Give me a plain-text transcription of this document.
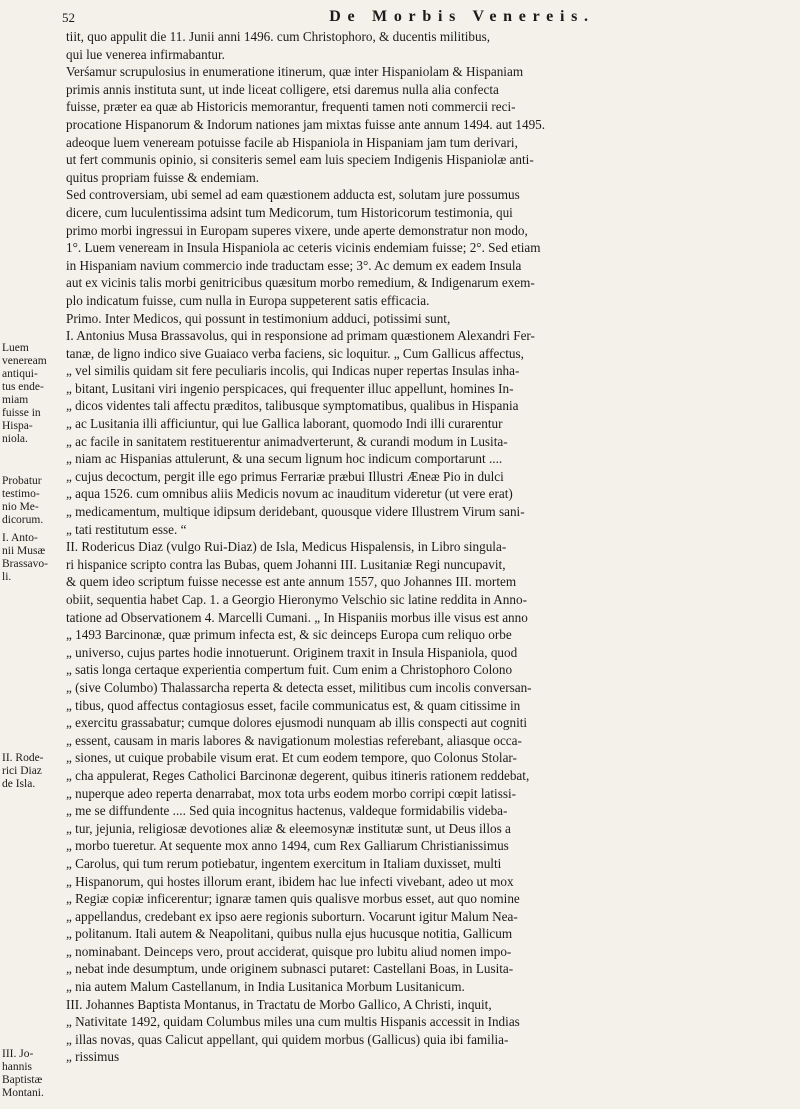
52	De Morbis Venereis.
Luem
veneream
antiqui-
tus ende-
miam
fuisse in
Hispa-
niola.
Probatur
testimo-
nio Me-
dicorum.
I. Anto-
nii Musæ
Brassavo-
li.
II. Rode-
rici Diaz
de Isla.
III. Jo-
hannis
Baptistæ
Montani.
tiit, quo appulit die 11. Junii anni 1496. cum Christophoro, & ducentis militibus,
qui lue venerea infirmabantur.
Verśamur scrupulosius in enumeratione itinerum, quæ inter Hispaniolam & Hispaniam
primis annis instituta sunt, ut inde liceat colligere, etsi daremus nulla alia confecta
fuisse, præter ea quæ ab Historicis memorantur, frequenti tamen noti commercii reci-
procatione Hispanorum & Indorum nationes jam mixtas fuisse ante annum 1494. aut 1495.
adeoque luem veneream potuisse facile ab Hispaniola in Hispaniam jam tum derivari,
ut fert communis opinio, si consiteris semel eam luis speciem Indigenis Hispaniolæ anti-
quitus propriam fuisse & endemiam.
Sed controversiam, ubi semel ad eam quæstionem adducta est, solutam jure possumus
dicere, cum luculentissima adsint tum Medicorum, tum Historicorum testimonia, qui
primo morbi ingressui in Europam superes vixere, unde aperte demonstratur non modo,
1°. Luem veneream in Insula Hispaniola ac ceteris vicinis endemiam fuisse; 2°. Sed etiam
in Hispaniam navium commercio inde traductam esse; 3°. Ac demum ex eadem Insula
aut ex vicinis talis morbi genitricibus quæsitum morbo remedium, & Indigenarum exem-
plo indicatum fuisse, cum nulla in Europa suppeterent satis efficacia.
Primo. Inter Medicos, qui possunt in testimonium adduci, potissimi sunt,
I. Antonius Musa Brassavolus, qui in responsione ad primam quæstionem Alexandri Fer-
tanæ, de ligno indico sive Guaiaco verba faciens, sic loquitur. „ Cum Gallicus affectus,
„ vel similis quidam sit fere peculiaris incolis, qui Indicas nuper repertas Insulas inha-
„ bitant, Lusitani viri ingenio perspicaces, qui frequenter illuc appellunt, homines In-
„ dicos videntes tali affectu præditos, talibusque symptomatibus, qualibus in Hispania
„ ac Lusitania illi afficiuntur, qui lue Gallica laborant, quomodo Indi illi curarentur
„ ac facile in sanitatem restituerentur animadverterunt, & curandi modum in Lusita-
„ niam ac Hispanias attulerunt, & una secum lignum hoc indicum comportarunt ....
„ cujus decoctum, pergit ille ego primus Ferrariæ præbui Illustri Æneæ Pio in dulci
„ aqua 1526. cum omnibus aliis Medicis novum ac inauditum videretur (ut vere erat)
„ medicamentum, multique idipsum deridebant, quousque videre Illustrem Virum sani-
„ tati restitutum esse. “
II. Rodericus Diaz (vulgo Rui-Diaz) de Isla, Medicus Hispalensis, in Libro singula-
ri hispanice scripto contra las Bubas, quem Johanni III. Lusitaniæ Regi nuncupavit,
& quem ideo scriptum fuisse necesse est ante annum 1557, quo Johannes III. mortem
obiit, sequentia habet Cap. 1. a Georgio Hieronymo Velschio sic latine reddita in Anno-
tatione ad Observationem 4. Marcelli Cumani. „ In Hispaniis morbus ille visus est anno
„ 1493 Barcinonæ, quæ primum infecta est, & sic deinceps Europa cum reliquo orbe
„ universo, cujus partes hodie innotuerunt. Originem traxit in Insula Hispaniola, quod
„ satis longa certaque experientia compertum fuit. Cum enim a Christophoro Colono
„ (sive Columbo) Thalassarcha reperta & detecta esset, militibus cum incolis conversan-
„ tibus, quod affectus contagiosus esset, facile communicatus est, & quam citissime in
„ exercitu grassabatur; cumque dolores ejusmodi nunquam ab illis conspecti aut cogniti
„ essent, causam in maris labores & navigationum molestias referebant, aliasque occa-
„ siones, ut cuique probabile visum erat. Et cum eodem tempore, quo Colonus Stolar-
„ cha appulerat, Reges Catholici Barcinonæ degerent, quibus itineris rationem reddebat,
„ nuperque adeo reperta denarrabat, mox tota urbs eodem morbo corripi cœpit latissi-
„ me se diffundente .... Sed quia incognitus hactenus, valdeque formidabilis videba-
„ tur, jejunia, religiosæ devotiones aliæ & eleemosynæ institutæ sunt, ut Deus illos a
„ morbo tueretur. At sequente mox anno 1494, cum Rex Galliarum Christianissimus
„ Carolus, qui tum rerum potiebatur, ingentem exercitum in Italiam duxisset, multi
„ Hispanorum, qui hostes illorum erant, ibidem hac lue infecti vivebant, adeo ut mox
„ Regiæ copiæ inficerentur; ignaræ tamen quis qualisve morbus esset, aut quo nomine
„ appellandus, credebant ex ipso aere regionis suborturn. Vocarunt igitur Malum Nea-
„ politanum. Itali autem & Neapolitani, quibus nulla ejus hucusque notitia, Gallicum
„ nominabant. Deinceps vero, prout acciderat, quisque pro lubitu aliud nomen impo-
„ nebat inde desumptum, unde originem subnasci putaret: Castellani Boas, in Lusita-
„ nia autem Malum Castellanum, in India Lusitanica Morbum Lusitanicum.
III. Johannes Baptista Montanus, in Tractatu de Morbo Gallico, A Christi, inquit,
„ Nativitate 1492, quidam Columbus miles una cum multis Hispanis accessit in Indias
„ illas novas, quas Calicut appellant, qui quidem morbus (Gallicus) quia ibi familia-
„ rissimus
